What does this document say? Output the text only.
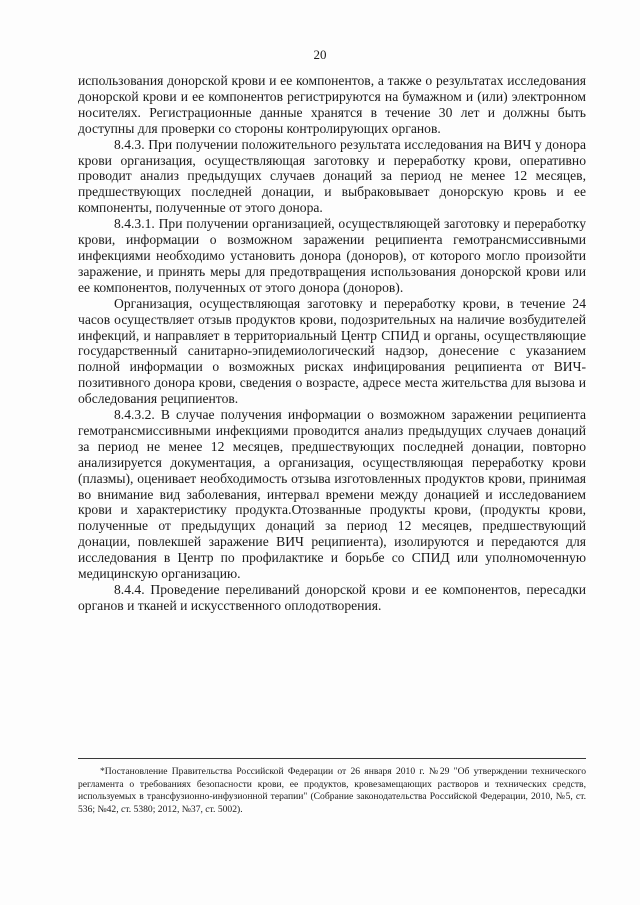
20

использования донорской крови и ее компонентов, а также о результатах исследования донорской крови и ее компонентов регистрируются на бумажном и (или) электронном носителях. Регистрационные данные хранятся в течение 30 лет и должны быть доступны для проверки со стороны контролирующих органов.

8.4.3. При получении положительного результата исследования на ВИЧ у донора крови организация, осуществляющая заготовку и переработку крови, оперативно проводит анализ предыдущих случаев донаций за период не менее 12 месяцев, предшествующих последней донации, и выбраковывает донорскую кровь и ее компоненты, полученные от этого донора.

8.4.3.1. При получении организацией, осуществляющей заготовку и переработку крови, информации о возможном заражении реципиента гемотрансмиссивными инфекциями необходимо установить донора (доноров), от которого могло произойти заражение, и принять меры для предотвращения использования донорской крови или ее компонентов, полученных от этого донора (доноров).

Организация, осуществляющая заготовку и переработку крови, в течение 24 часов осуществляет отзыв продуктов крови, подозрительных на наличие возбудителей инфекций, и направляет в территориальный Центр СПИД и органы, осуществляющие государственный санитарно-эпидемиологический надзор, донесение с указанием полной информации о возможных рисках инфицирования реципиента от ВИЧ-позитивного донора крови, сведения о возрасте, адресе места жительства для вызова и обследования реципиентов.

8.4.3.2. В случае получения информации о возможном заражении реципиента гемотрансмиссивными инфекциями проводится анализ предыдущих случаев донаций за период не менее 12 месяцев, предшествующих последней донации, повторно анализируется документация, а организация, осуществляющая переработку крови (плазмы), оценивает необходимость отзыва изготовленных продуктов крови, принимая во внимание вид заболевания, интервал времени между донацией и исследованием крови и характеристику продукта.Отозванные продукты крови, (продукты крови, полученные от предыдущих донаций за период 12 месяцев, предшествующий донации, повлекшей заражение ВИЧ реципиента), изолируются и передаются для исследования в Центр по профилактике и борьбе со СПИД или уполномоченную медицинскую организацию.

8.4.4. Проведение переливаний донорской крови и ее компонентов, пересадки органов и тканей и искусственного оплодотворения.

*Постановление Правительства Российской Федерации от 26 января 2010 г. №29 "Об утверждении технического регламента о требованиях безопасности крови, ее продуктов, кровезамещающих растворов и технических средств, используемых в трансфузионно-инфузионной терапии" (Собрание законодательства Российской Федерации, 2010, №5, ст. 536; №42, ст. 5380; 2012, №37, ст. 5002).
